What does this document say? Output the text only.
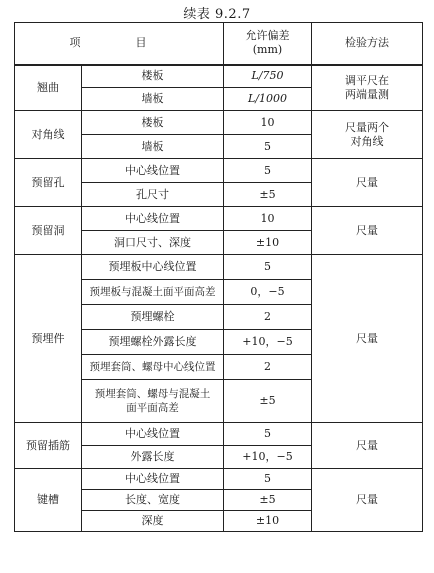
续表 9.2.7
项　目		允许偏差
(mm)	检验方法
翘曲	楼板	L/750	调平尺在
两端量测

	墙板	L/1000	
对角线	楼板	10	尺量两个
对角线

	墙板	5	
预留孔	中心线位置	5	尺量
	孔尺寸	±5	
预留洞	中心线位置	10	尺量
	洞口尺寸、深度	±10	
预埋件	预埋板中心线位置	5	尺量
	预埋板与混凝土面平面高差	0，−5	
	预埋螺栓	2	
	预埋螺栓外露长度	+10，−5	
	预埋套筒、螺母中心线位置	2	

	预埋套筒、螺母与混凝土
面平面高差	±5	
预留插筋	中心线位置	5	尺量
	外露长度	+10，−5	
键槽	中心线位置	5	尺量
	长度、宽度	±5	
	深度	±10	
